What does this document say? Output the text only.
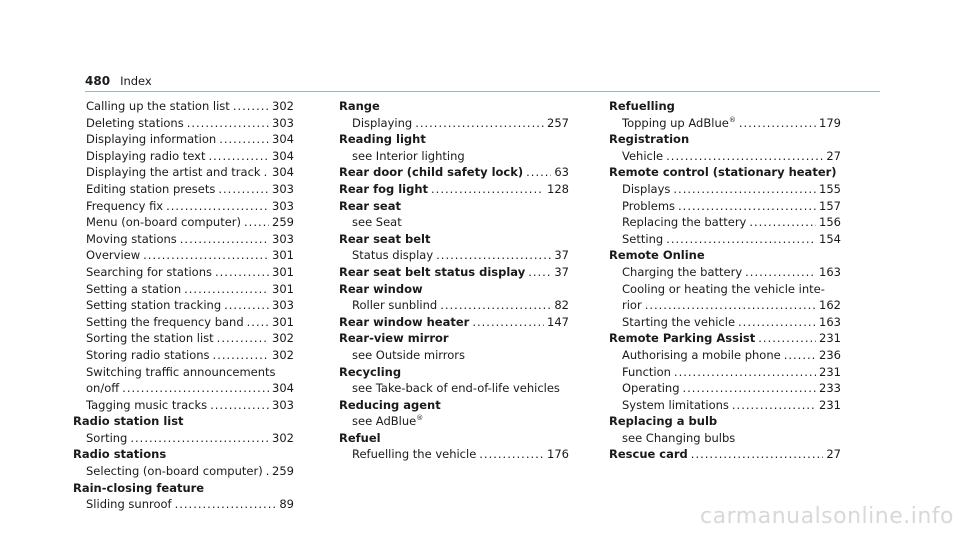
480 Index
Calling up the station list .....	302
Deleting stations .....	303
Displaying information .....	304
Displaying radio text .....	304
Displaying the artist and track ..... 304
Editing station presets .....	303
Frequency fix .....	303
Menu (on-board computer) .....	259
Moving stations .....	303
Overview .....	301
Searching for stations .....	301
Setting a station .....	301
Setting station tracking .....	303
Setting the frequency band ..... 301
Sorting the station list .....	302
Storing radio stations .....	302
Switching traffic announcements
on/off .....	304
Tagging music tracks .....	303
Radio station list
Sorting .....	302
Radio stations
Selecting (on-board computer) ..... 259
Rain-closing feature
Sliding sunroof .....	89
Range
Displaying .....	257
Reading light
see Interior lighting
Rear door (child safety lock) .....	63
Rear fog light .....	128
Rear seat
see Seat
Rear seat belt
Status display .....	37
Rear seat belt status display .....	37
Rear window
Roller sunblind .....	82
Rear window heater .....	147
Rear-view mirror
see Outside mirrors
Recycling
see Take-back of end-of-life vehicles
Reducing agent
see AdBlue®
Refuel
Refuelling the vehicle .....	176
Refuelling
Topping up AdBlue® .....	179
Registration
Vehicle .....	27
Remote control (stationary heater)
Displays .....	155
Problems .....	157
Replacing the battery .....	156
Setting .....	154
Remote Online
Charging the battery .....	163
Cooling or heating the vehicle inte-
rior .....	162
Starting the vehicle .....	163
Remote Parking Assist .....	231
Authorising a mobile phone .....	236
Function .....	231
Operating .....	233
System limitations .....	231
Replacing a bulb
see Changing bulbs
Rescue card .....	27
carmanualsonline.info
